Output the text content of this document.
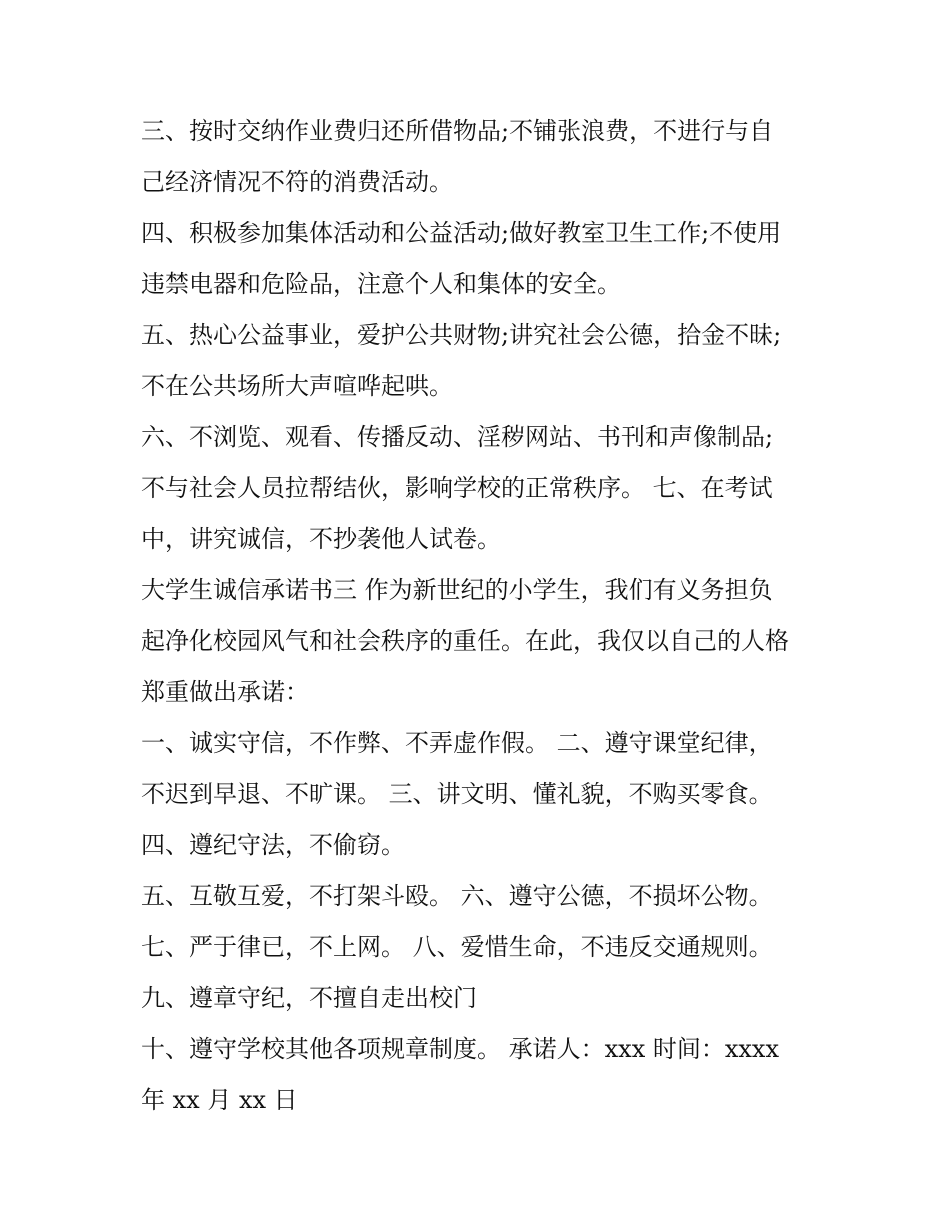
三、按时交纳作业费归还所借物品;不铺张浪费，不进行与自
己经济情况不符的消费活动。
四、积极参加集体活动和公益活动;做好教室卫生工作;不使用
违禁电器和危险品，注意个人和集体的安全。
五、热心公益事业，爱护公共财物;讲究社会公德，拾金不昧;
不在公共场所大声喧哗起哄。
六、不浏览、观看、传播反动、淫秽网站、书刊和声像制品;
不与社会人员拉帮结伙，影响学校的正常秩序。 七、在考试
中，讲究诚信，不抄袭他人试卷。
大学生诚信承诺书三 作为新世纪的小学生，我们有义务担负
起净化校园风气和社会秩序的重任。在此，我仅以自己的人格
郑重做出承诺：
一、诚实守信，不作弊、不弄虚作假。 二、遵守课堂纪律，
不迟到早退、不旷课。 三、讲文明、懂礼貌，不购买零食。
四、遵纪守法，不偷窃。
五、互敬互爱，不打架斗殴。 六、遵守公德，不损坏公物。
七、严于律已，不上网。 八、爱惜生命，不违反交通规则。
九、遵章守纪，不擅自走出校门
十、遵守学校其他各项规章制度。 承诺人：xxx 时间：xxxx
年 xx 月 xx 日
